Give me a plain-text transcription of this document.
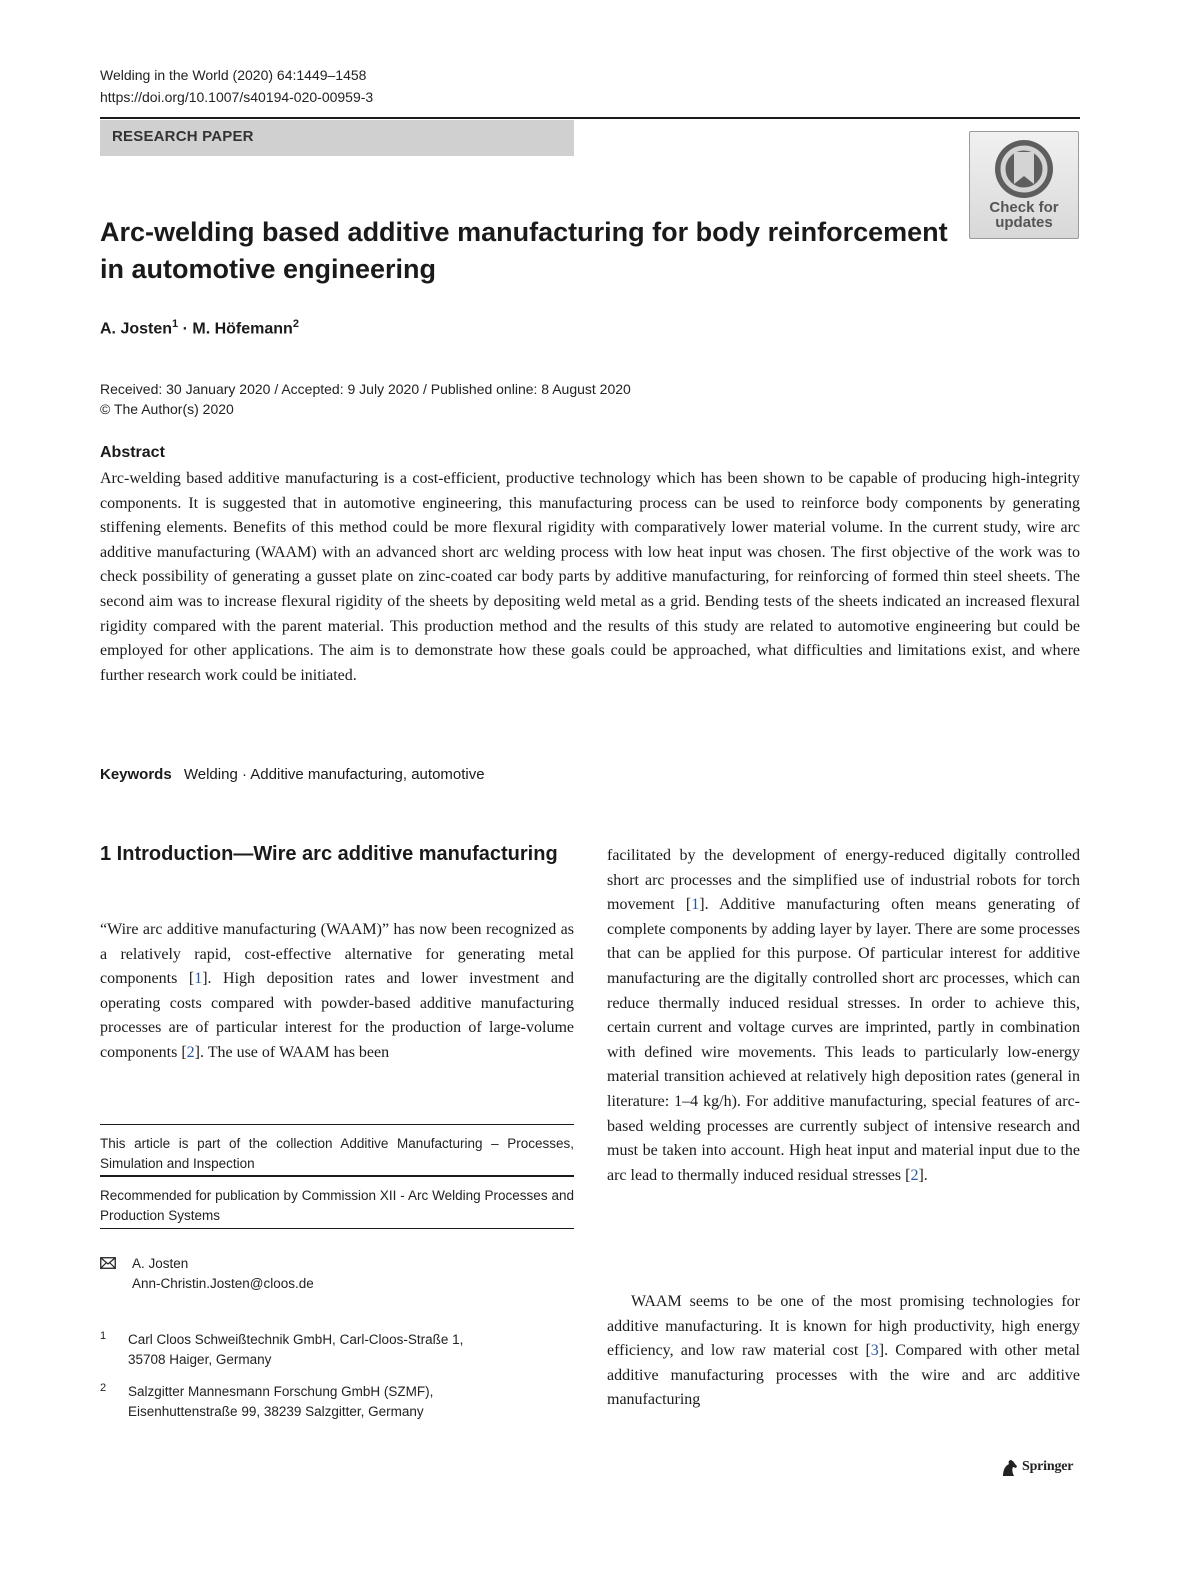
Welding in the World (2020) 64:1449–1458
https://doi.org/10.1007/s40194-020-00959-3
RESEARCH PAPER
Check for
updates
Arc-welding based additive manufacturing for body reinforcement in automotive engineering
A. Josten$^1$ · M. Höfemann$^2$
Received: 30 January 2020 / Accepted: 9 July 2020 / Published online: 8 August 2020
© The Author(s) 2020
Abstract

Arc-welding based additive manufacturing is a cost-efficient, productive technology which has been shown to be capable of producing high-integrity components. It is suggested that in automotive engineering, this manufacturing process can be used to reinforce body components by generating stiffening elements. Benefits of this method could be more flexural rigidity with comparatively lower material volume. In the current study, wire arc additive manufacturing (WAAM) with an advanced short arc welding process with low heat input was chosen. The first objective of the work was to check possibility of generating a gusset plate on zinc-coated car body parts by additive manufacturing, for reinforcing of formed thin steel sheets. The second aim was to increase flexural rigidity of the sheets by depositing weld metal as a grid. Bending tests of the sheets indicated an increased flexural rigidity compared with the parent material. This production method and the results of this study are related to automotive engineering but could be employed for other applications. The aim is to demonstrate how these goals could be approached, what difficulties and limitations exist, and where further research work could be initiated.

Keywords Welding · Additive manufacturing, automotive
1 Introduction—Wire arc additive manufacturing

“Wire arc additive manufacturing (WAAM)” has now been recognized as a relatively rapid, cost-effective alternative for generating metal components [1]. High deposition rates and lower investment and operating costs compared with powder-based additive manufacturing processes are of particular interest for the production of large-volume components [2]. The use of WAAM has been

facilitated by the development of energy-reduced digitally controlled short arc processes and the simplified use of industrial robots for torch movement [1]. Additive manufacturing often means generating of complete components by adding layer by layer. There are some processes that can be applied for this purpose. Of particular interest for additive manufacturing are the digitally controlled short arc processes, which can reduce thermally induced residual stresses. In order to achieve this, certain current and voltage curves are imprinted, partly in combination with defined wire movements. This leads to particularly low-energy material transition achieved at relatively high deposition rates (general in literature: 1–4 kg/h). For additive manufacturing, special features of arc-based welding processes are currently subject of intensive research and must be taken into account. High heat input and material input due to the arc lead to thermally induced residual stresses [2].

WAAM seems to be one of the most promising technologies for additive manufacturing. It is known for high productivity, high energy efficiency, and low raw material cost [3]. Compared with other metal additive manufacturing processes with the wire and arc additive manufacturing

This article is part of the collection Additive Manufacturing – Processes, Simulation and Inspection

Recommended for publication by Commission XII - Arc Welding Processes and Production Systems

A. Josten
Ann-Christin.Josten@cloos.de
1 Carl Cloos Schweißtechnik GmbH, Carl-Cloos-Straße 1,
35708 Haiger, Germany
2 Salzgitter Mannesmann Forschung GmbH (SZMF),
Eisenhuttenstraße 99, 38239 Salzgitter, Germany
Springer
